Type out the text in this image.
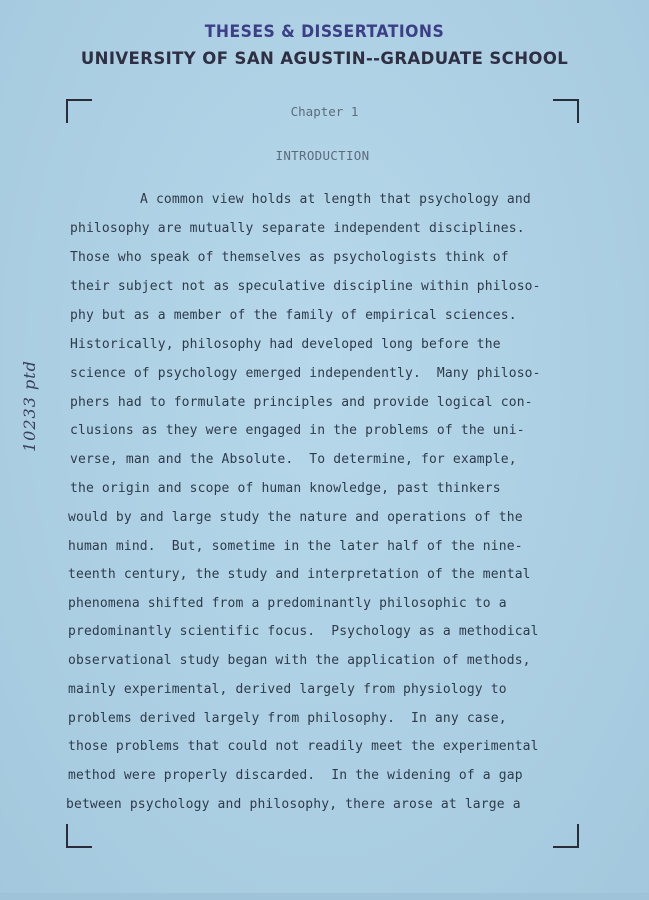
THESES & DISSERTATIONS
UNIVERSITY OF SAN AGUSTIN--GRADUATE SCHOOL
Chapter 1
INTRODUCTION
A common view holds at length that psychology and
philosophy are mutually separate independent disciplines.
Those who speak of themselves as psychologists think of
their subject not as speculative discipline within philoso-
phy but as a member of the family of empirical sciences.
Historically, philosophy had developed long before the
science of psychology emerged independently.  Many philoso-
phers had to formulate principles and provide logical con-
clusions as they were engaged in the problems of the uni-
verse, man and the Absolute.  To determine, for example,
the origin and scope of human knowledge, past thinkers
would by and large study the nature and operations of the
human mind.  But, sometime in the later half of the nine-
teenth century, the study and interpretation of the mental
phenomena shifted from a predominantly philosophic to a
predominantly scientific focus.  Psychology as a methodical
observational study began with the application of methods,
mainly experimental, derived largely from physiology to
problems derived largely from philosophy.  In any case,
those problems that could not readily meet the experimental
method were properly discarded.  In the widening of a gap
between psychology and philosophy, there arose at large a
10233 ptd
